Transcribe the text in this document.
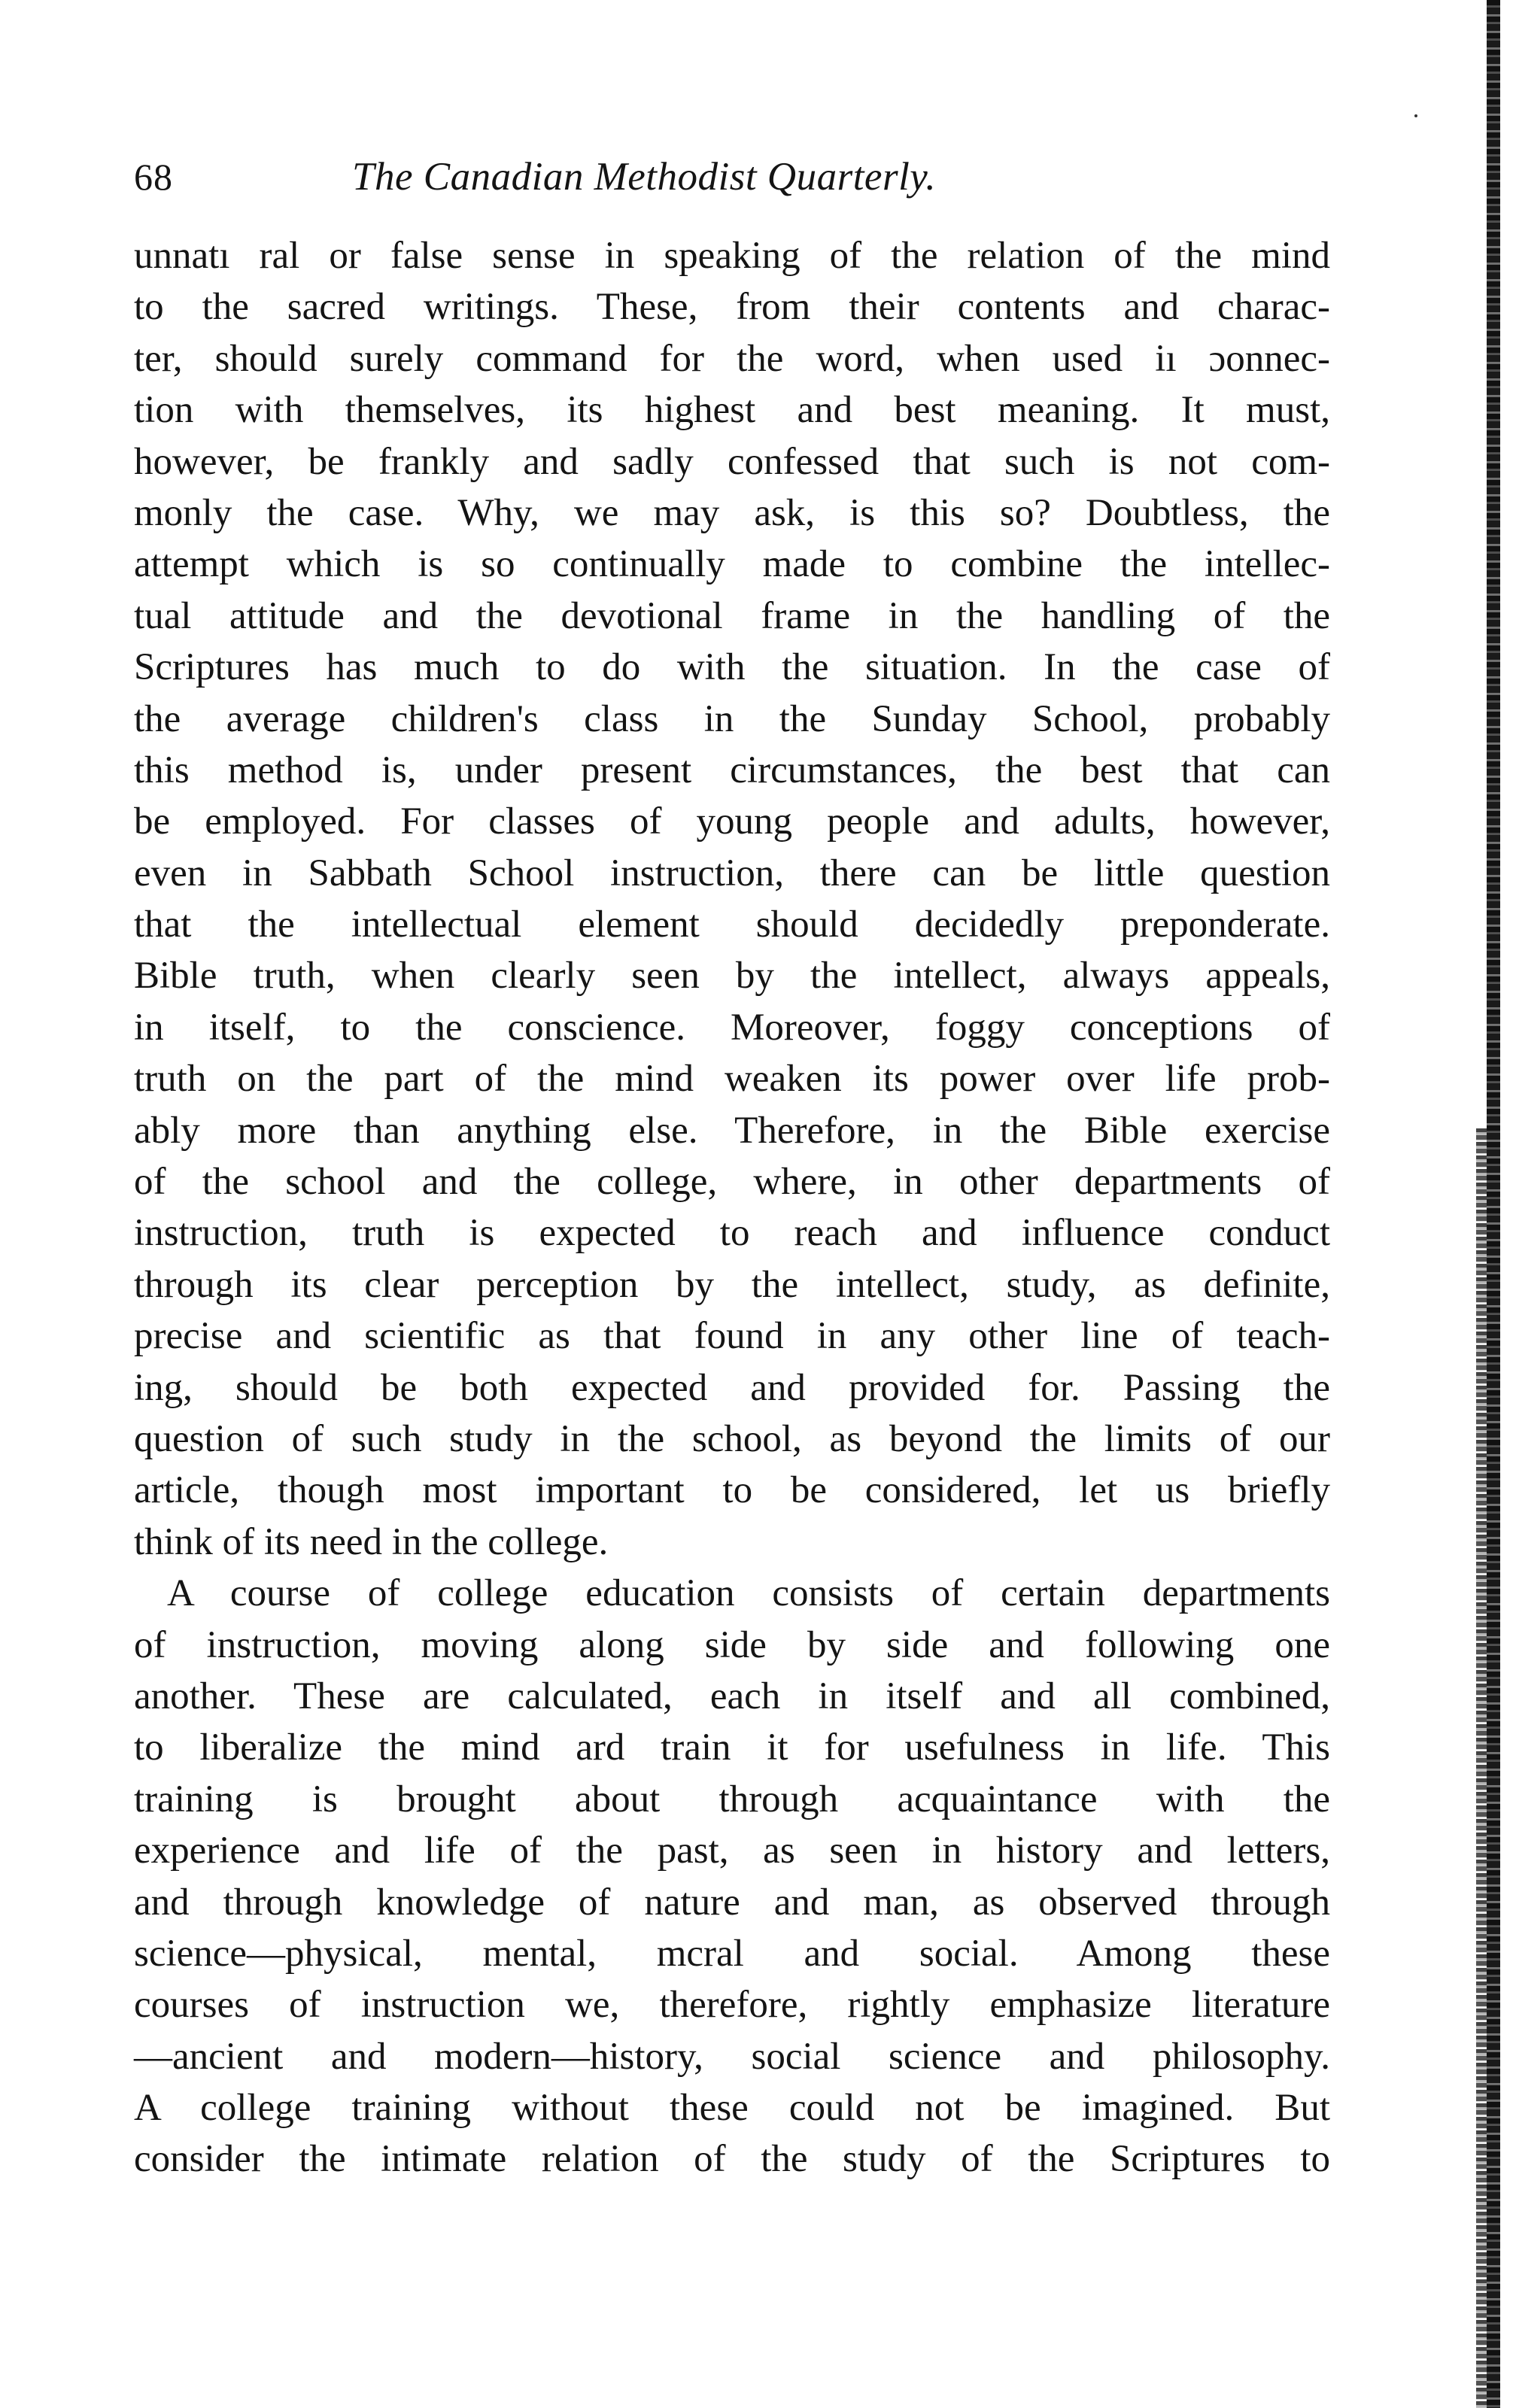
68	The Canadian Methodist Quarterly.
unnatı ral or false sense in speaking of the relation of the mind
to the sacred writings. These, from their contents and charac-
ter, should surely command for the word, when used iı ɔonnec-
tion with themselves, its highest and best meaning. It must,
however, be frankly and sadly confessed that such is not com-
monly the case. Why, we may ask, is this so? Doubtless, the
attempt which is so continually made to combine the intellec-
tual attitude and the devotional frame in the handling of the
Scriptures has much to do with the situation. In the case of
the average children's class in the Sunday School, probably
this method is, under present circumstances, the best that can
be employed. For classes of young people and adults, however,
even in Sabbath School instruction, there can be little question
that the intellectual element should decidedly preponderate.
Bible truth, when clearly seen by the intellect, always appeals,
in itself, to the conscience. Moreover, foggy conceptions of
truth on the part of the mind weaken its power over life prob-
ably more than anything else. Therefore, in the Bible exercise
of the school and the college, where, in other departments of
instruction, truth is expected to reach and influence conduct
through its clear perception by the intellect, study, as definite,
precise and scientific as that found in any other line of teach-
ing, should be both expected and provided for. Passing the
question of such study in the school, as beyond the limits of our
article, though most important to be considered, let us briefly
think of its need in the college.
A course of college education consists of certain departments
of instruction, moving along side by side and following one
another. These are calculated, each in itself and all combined,
to liberalize the mind ard train it for usefulness in life. This
training is brought about through acquaintance with the
experience and life of the past, as seen in history and letters,
and through knowledge of nature and man, as observed through
science—physical, mental, mcral and social. Among these
courses of instruction we, therefore, rightly emphasize literature
—ancient and modern—history, social science and philosophy.
A college training without these could not be imagined. But
consider the intimate relation of the study of the Scriptures to
